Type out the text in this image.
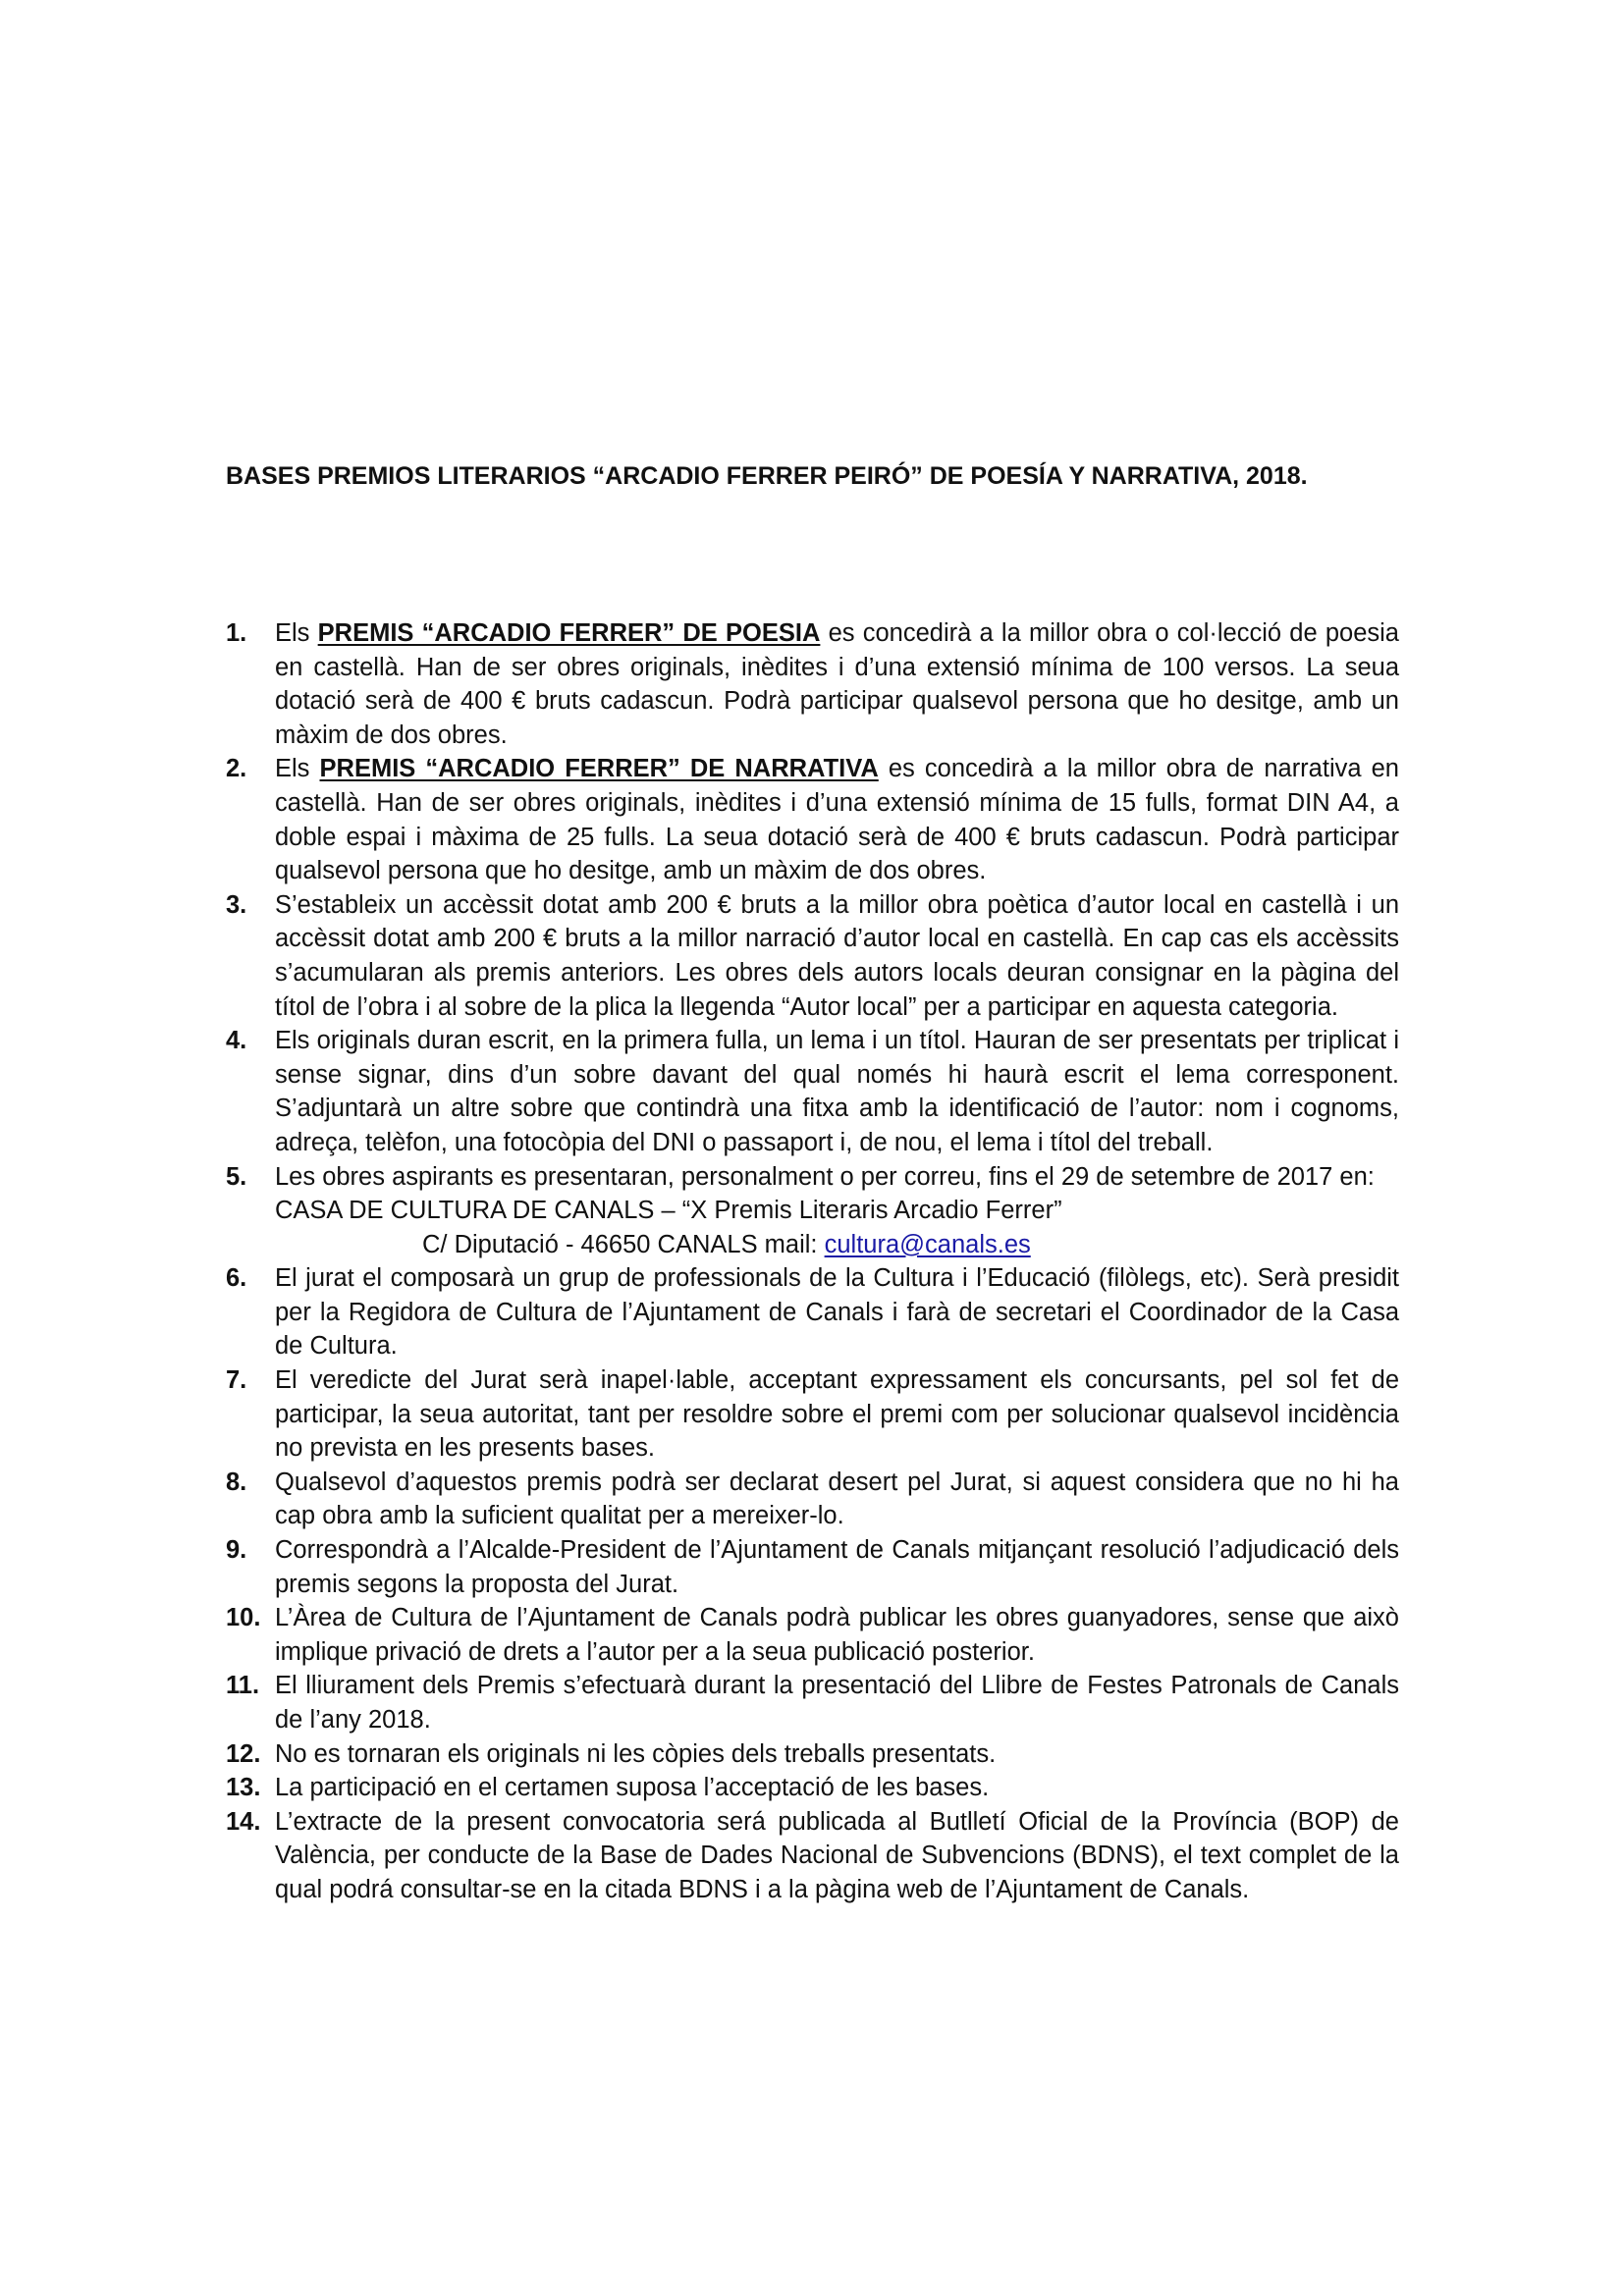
BASES PREMIOS LITERARIOS “ARCADIO FERRER PEIRÓ” DE POESÍA Y NARRATIVA, 2018.
1.	Els PREMIS “ARCADIO FERRER” DE POESIA es concedirà a la millor obra o col·lecció de poesia en castellà. Han de ser obres originals, inèdites i d’una extensió mínima de 100 versos. La seua dotació serà de 400 € bruts cadascun. Podrà participar qualsevol persona que ho desitge, amb un màxim de dos obres.
2.	Els PREMIS “ARCADIO FERRER” DE NARRATIVA es concedirà a la millor obra de narrativa en castellà. Han de ser obres originals, inèdites i d’una extensió mínima de 15 fulls, format DIN A4, a doble espai i màxima de 25 fulls. La seua dotació serà de 400 € bruts cadascun. Podrà participar qualsevol persona que ho desitge, amb un màxim de dos obres.
3.	S’estableix un accèssit dotat amb 200 € bruts a la millor obra poètica d’autor local en castellà i un accèssit dotat amb 200 € bruts a la millor narració d’autor local en castellà. En cap cas els accèssits s’acumularan als premis anteriors. Les obres dels autors locals deuran consignar en la pàgina del títol de l’obra i al sobre de la plica la llegenda “Autor local” per a participar en aquesta categoria.
4.	Els originals duran escrit, en la primera fulla, un lema i un títol. Hauran de ser presentats per triplicat i sense signar, dins d’un sobre davant del qual només hi haurà escrit el lema corresponent. S’adjuntarà un altre sobre que contindrà una fitxa amb la identificació de l’autor: nom i cognoms, adreça, telèfon, una fotocòpia del DNI o passaport i, de nou, el lema i títol del treball.
5.	Les obres aspirants es presentaran, personalment o per correu, fins el 29 de setembre de 2017 en:
CASA DE CULTURA DE CANALS – “X Premis Literaris Arcadio Ferrer”
C/ Diputació - 46650 CANALS mail: cultura@canals.es
6.	El jurat el composarà un grup de professionals de la Cultura i l’Educació (filòlegs, etc). Serà presidit per la Regidora de Cultura de l’Ajuntament de Canals i farà de secretari el Coordinador de la Casa de Cultura.
7.	El veredicte del Jurat serà inapel·lable, acceptant expressament els concursants, pel sol fet de participar, la seua autoritat, tant per resoldre sobre el premi com per solucionar qualsevol incidència no prevista en les presents bases.
8.	Qualsevol d’aquestos premis podrà ser declarat desert pel Jurat, si aquest considera que no hi ha cap obra amb la suficient qualitat per a mereixer-lo.
9.	Correspondrà a l’Alcalde-President de l’Ajuntament de Canals mitjançant resolució l’adjudicació dels premis segons la proposta del Jurat.
10. L’Àrea de Cultura de l’Ajuntament de Canals podrà publicar les obres guanyadores, sense que això implique privació de drets a l’autor per a la seua publicació posterior.
11. El lliurament dels Premis s’efectuarà durant la presentació del Llibre de Festes Patronals de Canals de l’any 2018.
12. No es tornaran els originals ni les còpies dels treballs presentats.
13. La participació en el certamen suposa l’acceptació de les bases.
14. L’extracte de la present convocatoria será publicada al Butlletí Oficial de la Província (BOP) de València, per conducte de la Base de Dades Nacional de Subvencions (BDNS), el text complet de la qual podrá consultar-se en la citada BDNS i a la pàgina web de l’Ajuntament de Canals.
